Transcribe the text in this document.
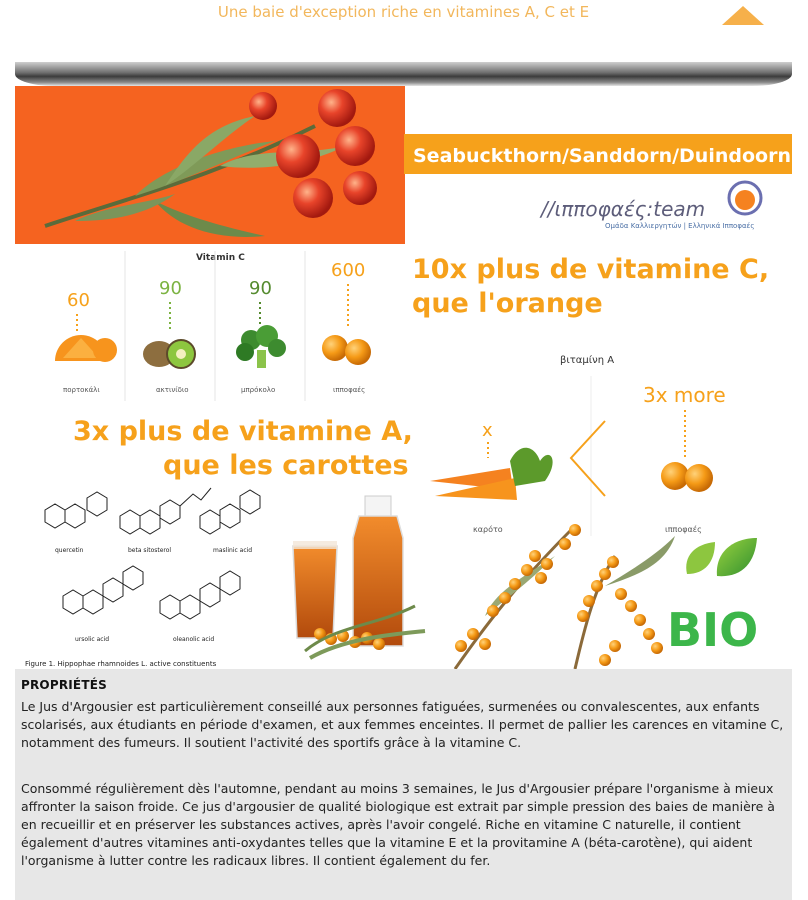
Une baie d'exception riche en vitamines A, C et E
Seabuckthorn/Sanddorn/Duindoorn
//ιπποφαές:team
Ομάδα Καλλιεργητών | Ελληνικά Ιπποφαές
Vitamin C
60
πορτοκάλι
90
ακτινίδιο
90
μπρόκολο
600
ιπποφαές
10x plus de vitamine C,
que l'orange
βιταμίνη Α
x
καρότο
3x more
ιπποφαές
3x plus de vitamine A,
que les carottes
quercetin	beta sitosterol	maslinic acid
ursolic acid	oleanolic acid
Figure 1. Hippophae rhamnoides L. active constituents
BIO
PROPRIÉTÉS

Le Jus d'Argousier est particulièrement conseillé aux personnes fatiguées, surmenées ou convalescentes, aux enfants scolarisés, aux étudiants en période d'examen, et aux femmes enceintes. Il permet de pallier les carences en vitamine C, notamment des fumeurs. Il soutient l'activité des sportifs grâce à la vitamine C.

Consommé régulièrement dès l'automne, pendant au moins 3 semaines, le Jus d'Argousier prépare l'organisme à mieux affronter la saison froide. Ce jus d'argousier de qualité biologique est extrait par simple pression des baies de manière à en recueillir et en préserver les substances actives, après l'avoir congelé. Riche en vitamine C naturelle, il contient également d'autres vitamines anti-oxydantes telles que la vitamine E et la provitamine A (béta-carotène), qui aident l'organisme à lutter contre les radicaux libres. Il contient également du fer.
